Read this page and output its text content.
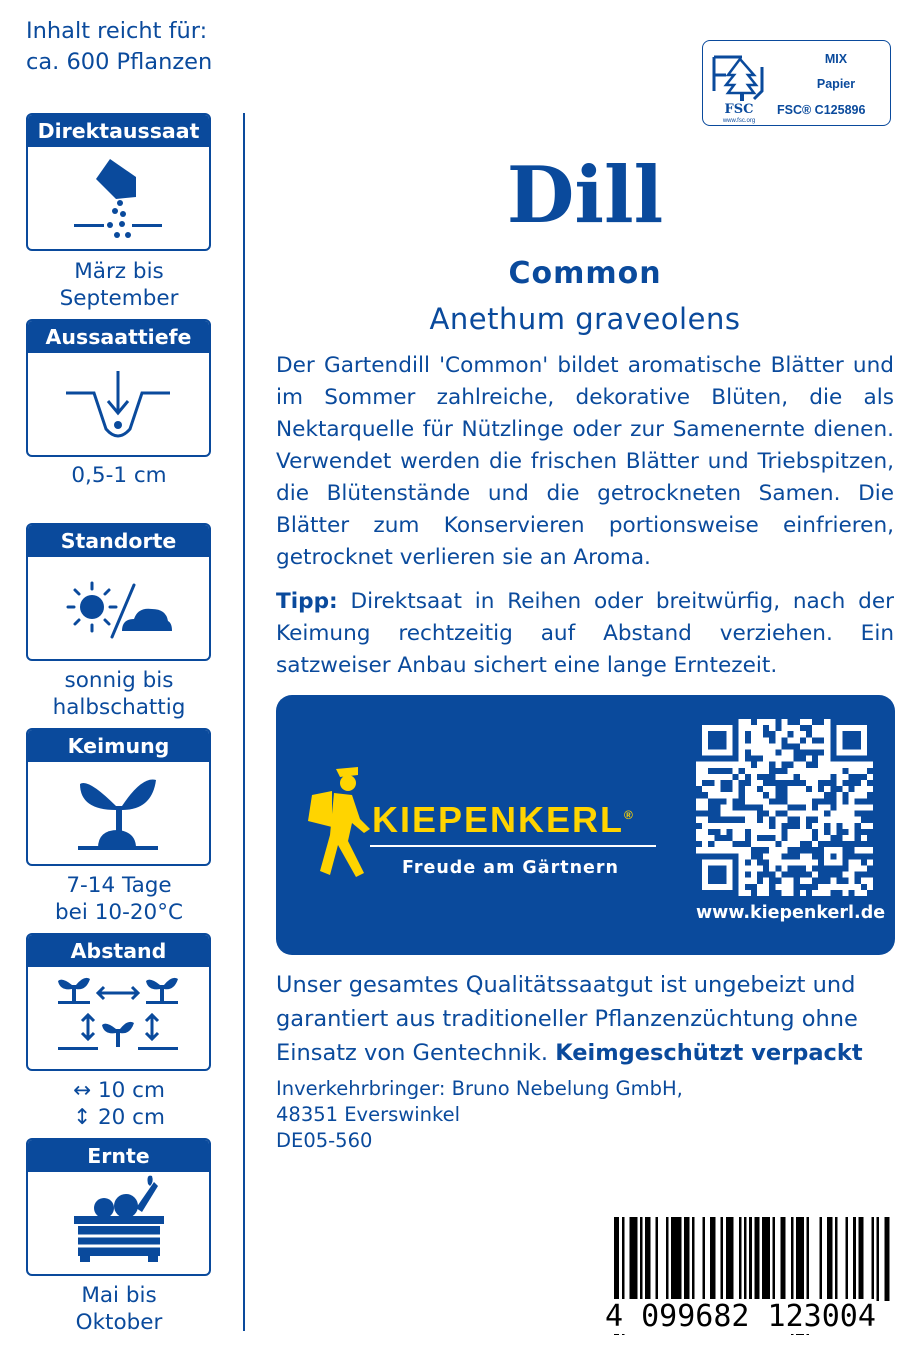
Inhalt reicht für:
ca. 600 Pflanzen
Direktaussaat
März bis
September
Aussaattiefe
0,5-1 cm
Standorte
sonnig bis
halbschattig
Keimung
7-14 Tage
bei 10-20°C
Abstand
↔ 10 cm
↕ 20 cm
Ernte
Mai bis
Oktober
FSC
www.fsc.org
MIX
Papier
FSC® C125896
Dill
Common
Anethum graveolens
Der Gartendill 'Common' bildet aromatische Blätter und im Sommer zahlreiche, dekorative Blüten, die als Nektarquelle für Nützlinge oder zur Samenernte dienen. Verwendet werden die frischen Blätter und Triebspitzen, die Blütenstände und die getrockneten Samen. Die Blätter zum Konservieren portionsweise einfrieren, getrocknet verlieren sie an Aroma.
Tipp: Direktsaat in Reihen oder breitwürfig, nach der Keimung rechtzeitig auf Abstand verziehen. Ein satzweiser Anbau sichert eine lange Erntezeit.
KIEPENKERL®
Freude am Gärtnern
www.kiepenkerl.de
Unser gesamtes Qualitätssaatgut ist ungebeizt und garantiert aus traditioneller Pflanzenzüchtung ohne Einsatz von Gentechnik. Keimgeschützt verpackt
Inverkehrbringer: Bruno Nebelung GmbH,
48351 Everswinkel
DE05-560
4 099682 123004
